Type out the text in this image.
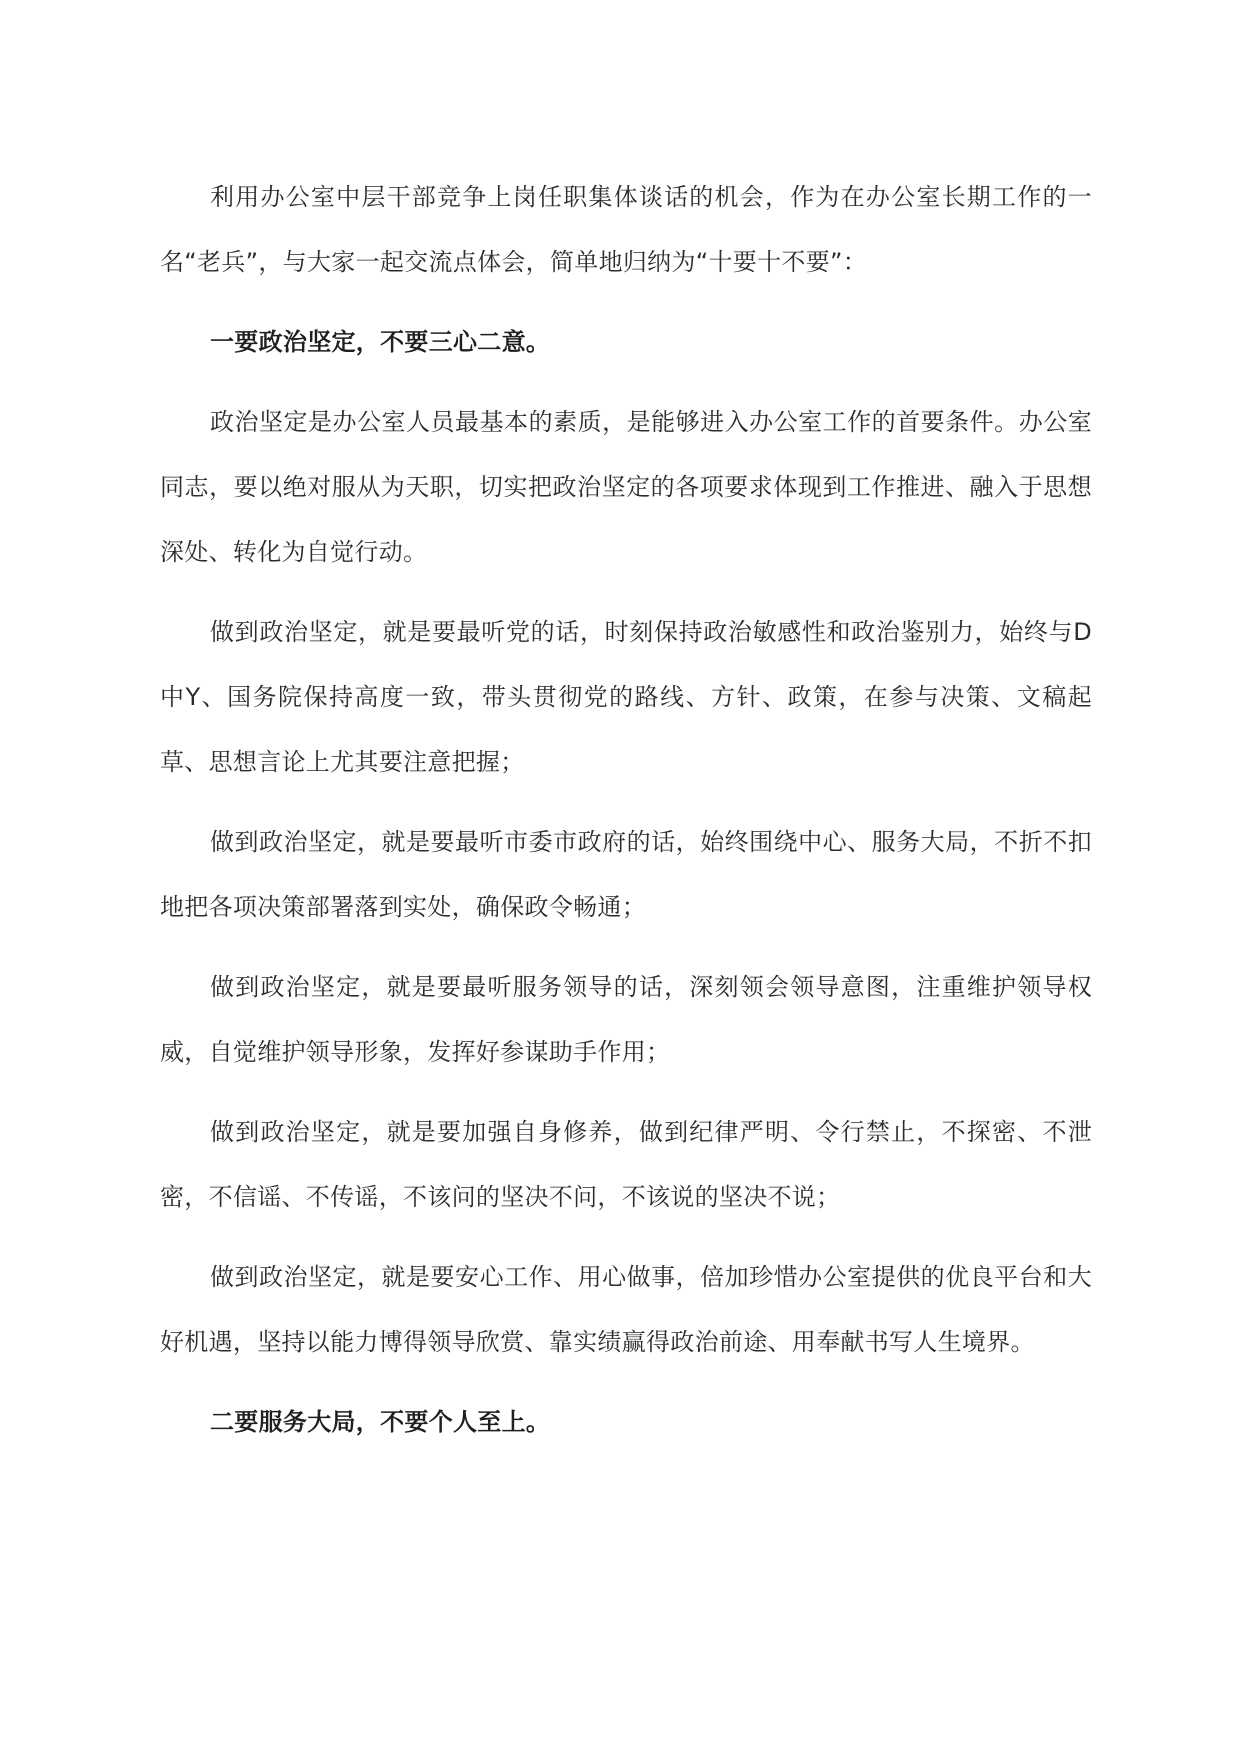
利用办公室中层干部竞争上岗任职集体谈话的机会，作为在办公室长期工作的一名“老兵”，与大家一起交流点体会，简单地归纳为“十要十不要”：

一要政治坚定，不要三心二意。

政治坚定是办公室人员最基本的素质，是能够进入办公室工作的首要条件。办公室同志，要以绝对服从为天职，切实把政治坚定的各项要求体现到工作推进、融入于思想深处、转化为自觉行动。

做到政治坚定，就是要最听党的话，时刻保持政治敏感性和政治鉴别力，始终与D中Y、国务院保持高度一致，带头贯彻党的路线、方针、政策，在参与决策、文稿起草、思想言论上尤其要注意把握；

做到政治坚定，就是要最听市委市政府的话，始终围绕中心、服务大局，不折不扣地把各项决策部署落到实处，确保政令畅通；

做到政治坚定，就是要最听服务领导的话，深刻领会领导意图，注重维护领导权威，自觉维护领导形象，发挥好参谋助手作用；

做到政治坚定，就是要加强自身修养，做到纪律严明、令行禁止，不探密、不泄密，不信谣、不传谣，不该问的坚决不问，不该说的坚决不说；

做到政治坚定，就是要安心工作、用心做事，倍加珍惜办公室提供的优良平台和大好机遇，坚持以能力博得领导欣赏、靠实绩赢得政治前途、用奉献书写人生境界。

二要服务大局，不要个人至上。
